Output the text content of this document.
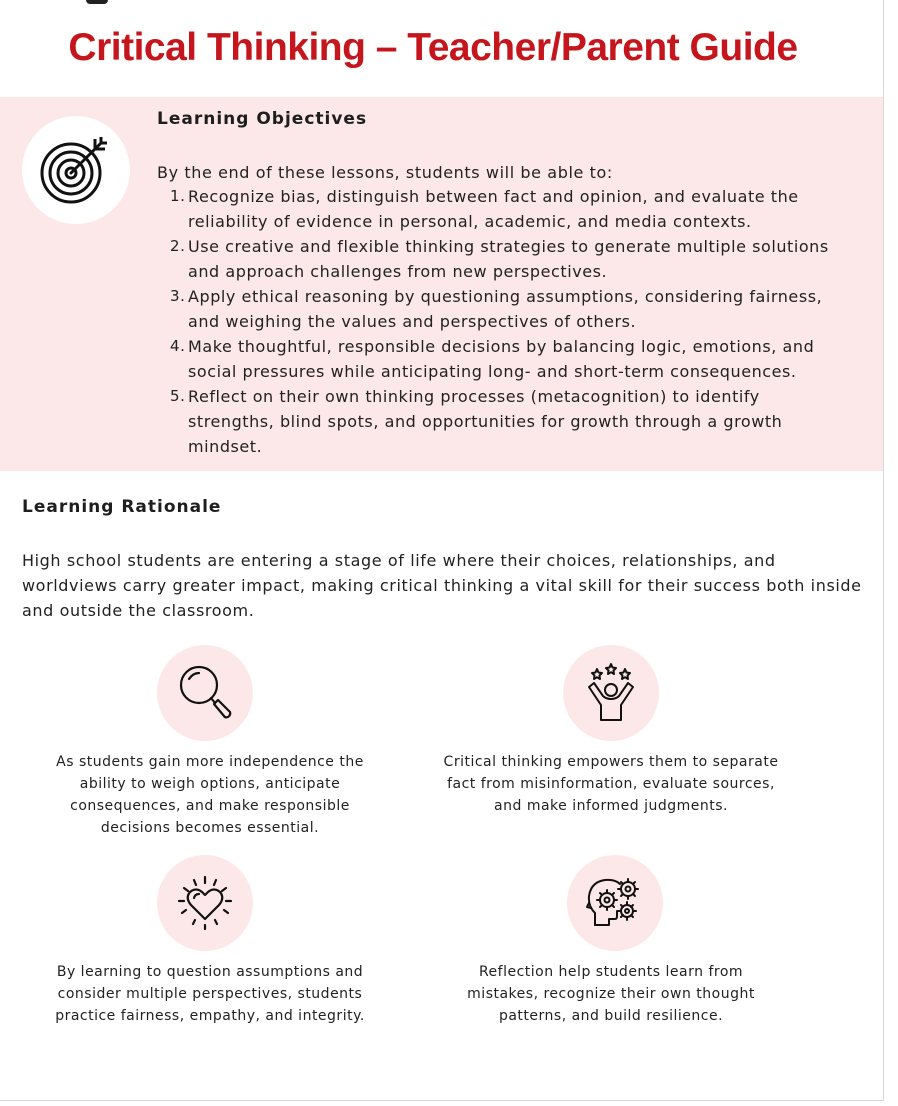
Critical Thinking – Teacher/Parent Guide
Learning Objectives

By the end of these lessons, students will be able to:

1. Recognize bias, distinguish between fact and opinion, and evaluate the reliability of evidence in personal, academic, and media contexts.
2. Use creative and flexible thinking strategies to generate multiple solutions and approach challenges from new perspectives.
3. Apply ethical reasoning by questioning assumptions, considering fairness, and weighing the values and perspectives of others.
4. Make thoughtful, responsible decisions by balancing logic, emotions, and social pressures while anticipating long- and short-term consequences.
5. Reflect on their own thinking processes (metacognition) to identify strengths, blind spots, and opportunities for growth through a growth mindset.
Learning Rationale

High school students are entering a stage of life where their choices, relationships, and worldviews carry greater impact, making critical thinking a vital skill for their success both inside and outside the classroom.

As students gain more independence the ability to weigh options, anticipate consequences, and make responsible decisions becomes essential.

Critical thinking empowers them to separate fact from misinformation, evaluate sources, and make informed judgments.

By learning to question assumptions and consider multiple perspectives, students practice fairness, empathy, and integrity.

Reflection help students learn from mistakes, recognize their own thought patterns, and build resilience.
